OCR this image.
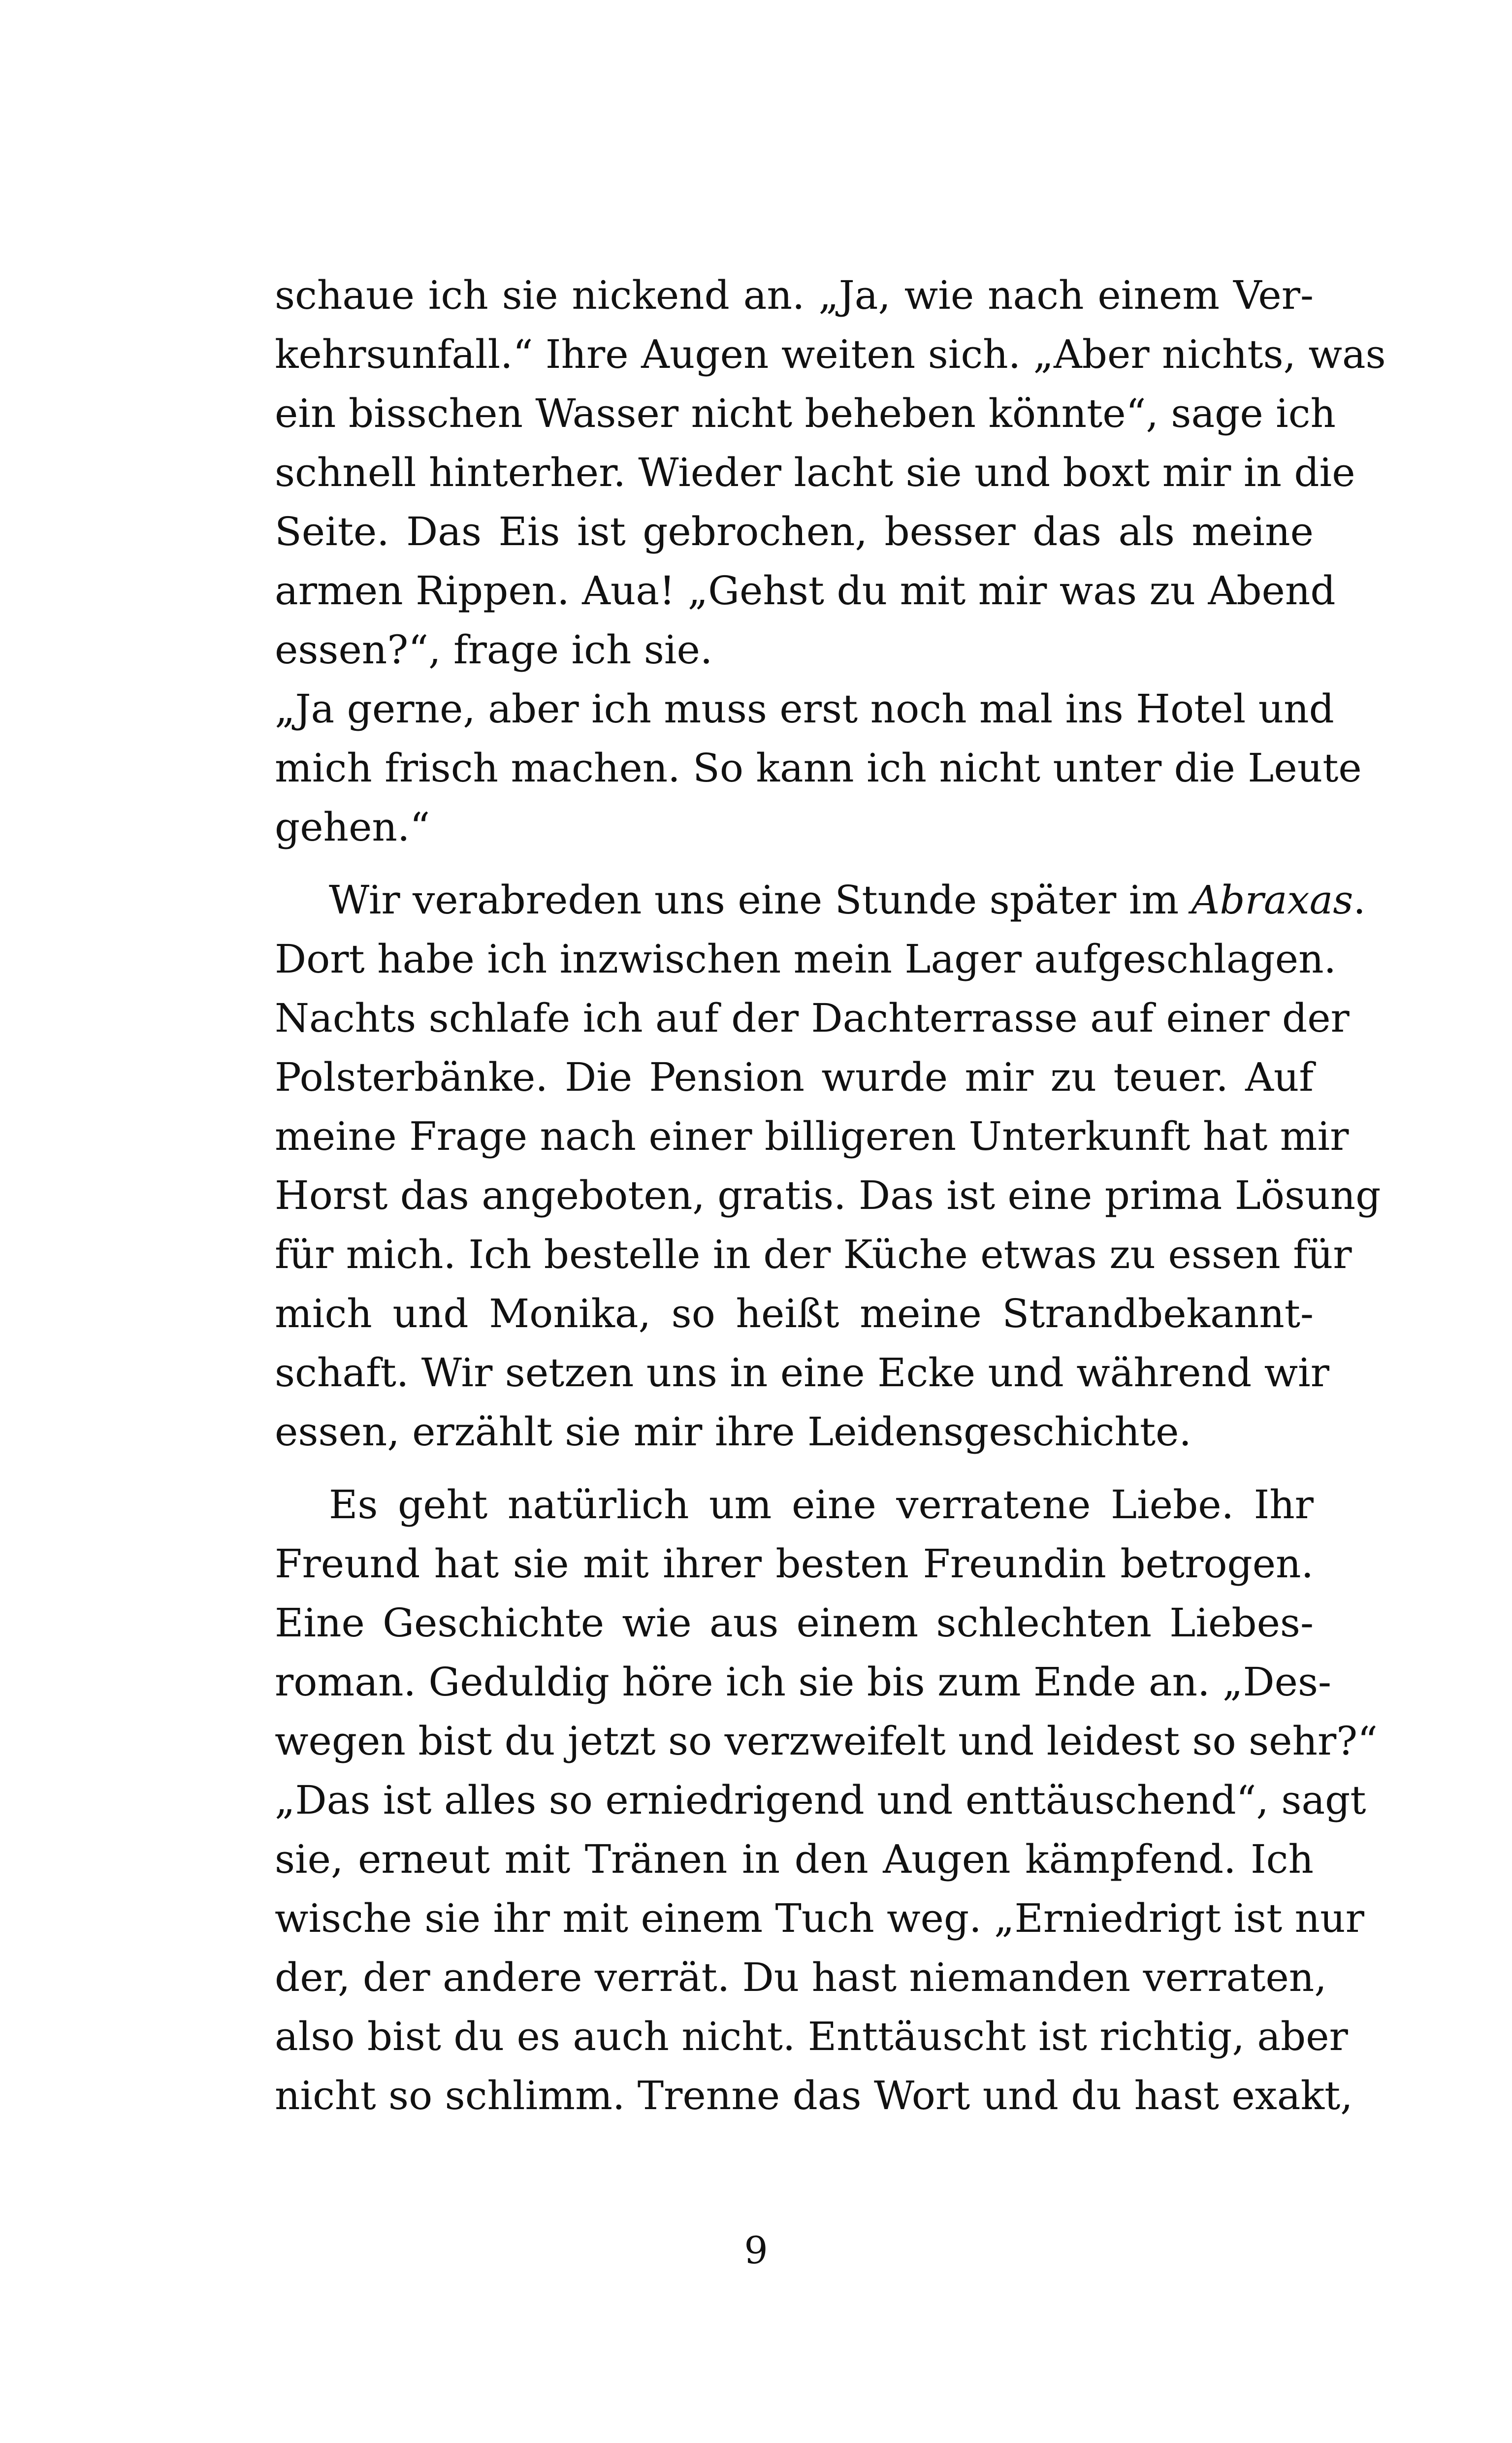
schaue ich sie nickend an. „Ja, wie nach einem Ver-
kehrsunfall.“ Ihre Augen weiten sich. „Aber nichts, was
ein bisschen Wasser nicht beheben könnte“, sage ich
schnell hinterher. Wieder lacht sie und boxt mir in die
Seite. Das Eis ist gebrochen, besser das als meine
armen Rippen. Aua! „Gehst du mit mir was zu Abend
essen?“, frage ich sie.
„Ja gerne, aber ich muss erst noch mal ins Hotel und
mich frisch machen. So kann ich nicht unter die Leute
gehen.“
Wir verabreden uns eine Stunde später im Abraxas.
Dort habe ich inzwischen mein Lager aufgeschlagen.
Nachts schlafe ich auf der Dachterrasse auf einer der
Polsterbänke. Die Pension wurde mir zu teuer. Auf
meine Frage nach einer billigeren Unterkunft hat mir
Horst das angeboten, gratis. Das ist eine prima Lösung
für mich. Ich bestelle in der Küche etwas zu essen für
mich und Monika, so heißt meine Strandbekannt-
schaft. Wir setzen uns in eine Ecke und während wir
essen, erzählt sie mir ihre Leidensgeschichte.
Es geht natürlich um eine verratene Liebe. Ihr
Freund hat sie mit ihrer besten Freundin betrogen.
Eine Geschichte wie aus einem schlechten Liebes-
roman. Geduldig höre ich sie bis zum Ende an. „Des-
wegen bist du jetzt so verzweifelt und leidest so sehr?“
„Das ist alles so erniedrigend und enttäuschend“, sagt
sie, erneut mit Tränen in den Augen kämpfend. Ich
wische sie ihr mit einem Tuch weg. „Erniedrigt ist nur
der, der andere verrät. Du hast niemanden verraten,
also bist du es auch nicht. Enttäuscht ist richtig, aber
nicht so schlimm. Trenne das Wort und du hast exakt,
9
